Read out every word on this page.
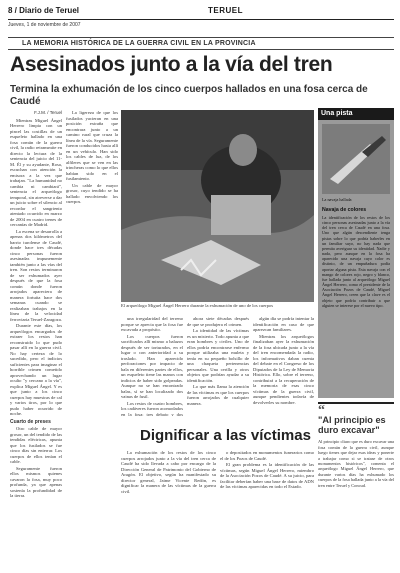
8 / Diario de Teruel	TERUEL
Jueves, 1 de noviembre de 2007
LA MEMORIA HISTÓRICA DE LA GUERRA CIVIL EN LA PROVINCIA
Asesinados junto a la vía del tren
Termina la exhumación de los cinco cuerpos hallados en una fosa cerca de Caudé
F.J.M. / Teruel

Mientras Miguel Ángel Herrero limpia con un pincel las costillas de un esqueleto hallado en una fosa común de la guerra civil, la radio retransmite en directo la lectura de la sentencia del juicio del 11-M. Él y su ayudante, Rosa, escuchan con atención la emisora a la vez que trabajan. "La humanidad no cambia ni cambiará", sentencia el arqueólogo temporal, sin atreverse a dar un juicio sobre el silencio al recordar el sangriento atentado ocurrido en marzo de 2004 en cuatro trenes de cercanías de Madrid.

La escena se desarrolla a apenas dos kilómetros del barrio turolense de Caudé, donde hace tres décadas cinco personas fueron asesinadas impunemente también junto a las vías del tren. Son restos terminaron de ser exhumados ayer después de que la fosa común donde fueron arrojados apareciera de manera fortuita hace dos semanas cuando se realizaban trabajos en la línea de la velocidad ferroviaria Teruel-Zaragoza.

Durante este días, los arqueólogos encargados de extraer los restos han reconstruido lo que pudo pasar allí en la guerra civil. No hay certeza de lo sucedido, pero el indicios suficientes para imaginar el horrible crimen cometido aprovechando un lugar oculto "y cercano a la vía", explica Miguel Ángel. Y es que junto a los cinco cuerpos hay muestras de cal y varios tiros, por lo que pudo haber ocurrido de noche.

Cuarto de preses

Otro cable de mayor grosor, un del tendido de las tendidas eléctricas, apunta que los fusilados se fue cinco días sin enterrar. Los cuerpos de ellos tenían el cable.

Seguramente fueron ellos mismos quienes cavaron la fosa, muy poco profunda, ya que apenas sostenía la profundidad de la tierra.

La ligereza de que los fusilados yacieran en una posición extraña que encontrara junto a un camino rural que cruza la línea de la vía. Seguramente fueron conducidos hasta allí en un vehículo. Han sido los cables de luz, de los alfileres que se ven en las trincheras como lo que ellos habían sido en el fusilamiento.

Un cable de mayor grosor, cuyo tendido se ha hallado envolviendo los cuerpos.

El arqueólogo Miguel Ángel Herrero durante la exhumación de uno de los cuerpos

una irregularidad del terreno porque se aprecia que la fosa fue excavada a propósito.

Los cuerpos fueron sacrificados allí mismo a balazos después de ser torturados, en el lugar o con anterioridad a su traslado. Han aparecido perforaciones por impacto de bala en diferentes partes de ellos, un esqueleto tiene las manos con indicios de haber sido golpeadas. Aunque no se han encontrado balas, sí se han localizado dos vainas de fusil.

Los restos de cuatro hombres, los cadáveres fueron acomodados en la fosa; tres debajo y dos

ahora siete décadas después de que se produjera el crimen.

La identidad de las víctimas es un misterio. Todo apunta a que eran hombres y civiles. Uno de ellos podría encontrarse enfermo porque utilizaba una muleta y tenía en su pequeño bolsillo de una chaqueta pertenencias personales. Una cerilla y otros objetos que podrían ayudar a su identificación.

Lo que más llama la atención de las víctimas es que los cuerpos fueron arrojados de cualquier manera.

algún día se podría intentar la identificación en caso de que aparezcan familiares.

Mientras los arqueólogos finalizaban ayer la exhumación de la fosa ubicada junto a la vía del tren encomendada la radio, los informativos daban cuenta del debate en el Congreso de los Diputados de la Ley de Memoria Histórica. Ello, sobre el terreno, contribuirá a la recuperación de la memoria de esas cinco víctimas de la guerra civil, aunque pendientes todavía de devolverles su nombre.

Una pista
La navaja hallada
Navaja de colores
La identificación de los restos de los cinco personas asesinadas junto a la vía del tren cerca de Caudé en una fosa. Uno que algún descendiente tenga pistas sobre lo que podría haberles en un familiar suyo, no hay nada que permita averiguar su identidad. Nadie y nada, pero aunque en la fosa ha aparecido una navaja cuyo color es distinto, de un empuñadura podía aportar alguna pista. Esta navaja con el mango de colores rojo, negro y blanco, fue hallada junto al arqueólogo Miguel Ángel Herrero, como el presidente de la Asociación Pozos de Caudé, Miguel Ángel Herrero, creen que la clave es el objeto que podría contribuir a que alguien se interese por el nuevo tipo.
Dignificar a las víctimas

La exhumación de los restos de los cinco cuerpos arrojados junto a la vía del tren cerca de Caudé ha sido llevada a cabo por encargo de la Dirección General de Patrimonio del Gobierno de Aragón. El objetivo, según ha manifestado su director general, Jaime Vicente Redón, es dignificar la manera de las víctimas de la guerra civil.

o depositados en monumentos funerarios como el de los Pozos de Caudé.

El gran problema es la identificación de las víctimas, según Miguel Ángel Herrero, miembro de la Asociación Pozos de Caudé. A su juicio, para facilitar deberían haber una base de datos de ADN de las víctimas aparecidas en todo el Estado.

“
"Al principio es duro excavar"
Al principio cliaro que es duro excavar una fosa común de la guerra civil, aunque luego tienes que dejar esas ideas y ponerte a trabajar como si se tratase de otros monumentos históricos", comenta el arqueólogo Miguel Ángel Herrero, que durante varios días ha exhumado los cuerpos de la fosa hallada junto a la vía del tren entre Teruel y Concud.
